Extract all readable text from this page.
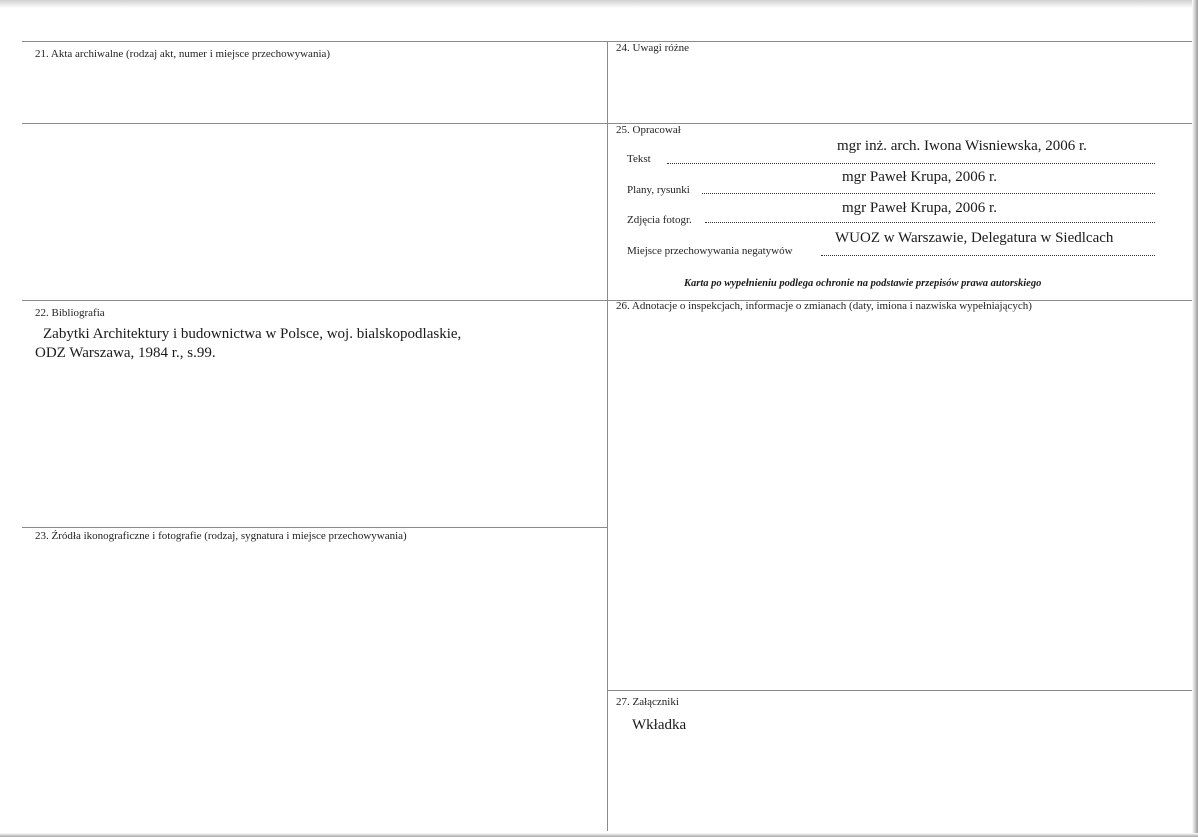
21. Akta archiwalne (rodzaj akt, numer i miejsce przechowywania)
22. Bibliografia
Zabytki Architektury i budownictwa w Polsce, woj. bialskopodlaskie,
ODZ Warszawa, 1984 r., s.99.
23. Źródła ikonograficzne i fotografie (rodzaj, sygnatura i miejsce przechowywania)
24. Uwagi różne
25. Opracował
Tekst
mgr inż. arch. Iwona Wisniewska, 2006 r.
Plany, rysunki
mgr Paweł Krupa, 2006 r.
Zdjęcia fotogr.
mgr Paweł Krupa, 2006 r.
Miejsce przechowywania negatywów
WUOZ w Warszawie, Delegatura w Siedlcach
Karta po wypełnieniu podlega ochronie na podstawie przepisów prawa autorskiego
26. Adnotacje o inspekcjach, informacje o zmianach (daty, imiona i nazwiska wypełniających)
27. Załączniki
Wkładka
